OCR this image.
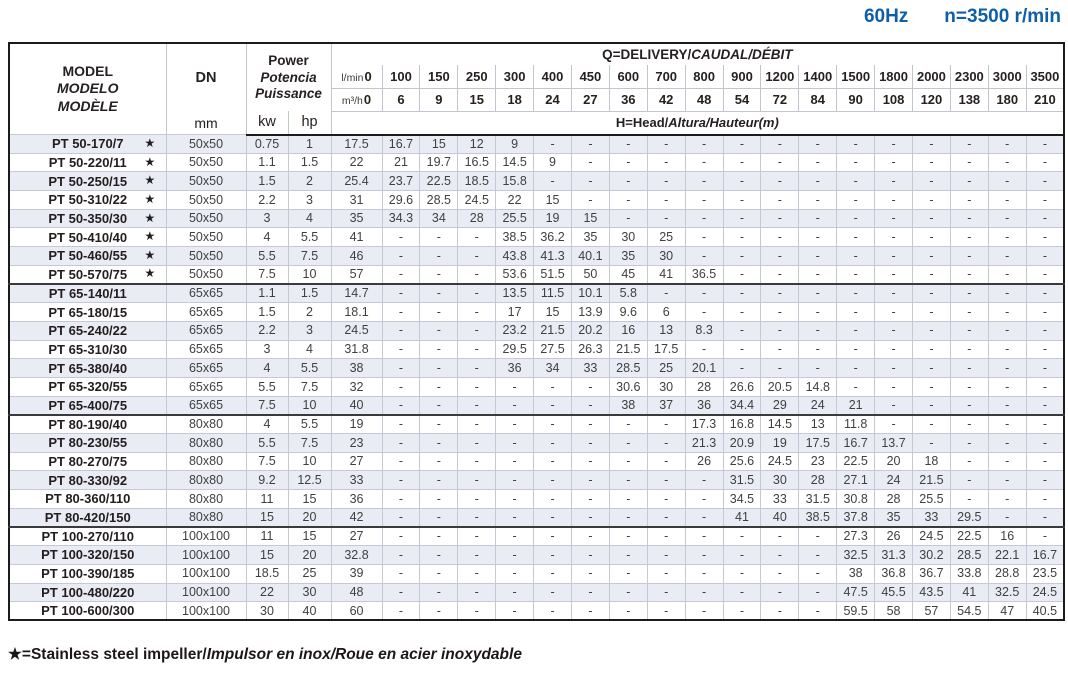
60Hz n=3500 r/min
MODEL
MODELO
MODÈLE

DN
mm

Power
Potencia
Puissance
	Q=DELIVERY/CAUDAL/DÉBIT
				l/min0	100	150	250	300	400	450	600	700	800	900	1200	1400	1500	1800	2000	2300	3000	3500
				m³/h0	6	9	15	18	24	27	36	42	48	54	72	84	90	108	120	138	180	210
		kw	hp	H=Head/Altura/Hauteur(m)																		
PT 50-170/7 ★	50x50	0.75	1	17.5	16.7	15	12	9	-	-	-	-	-	-	-	-	-	-	-	-	-	-
PT 50-220/11 ★	50x50	1.1	1.5	22	21	19.7	16.5	14.5	9	-	-	-	-	-	-	-	-	-	-	-	-	-
PT 50-250/15 ★	50x50	1.5	2	25.4	23.7	22.5	18.5	15.8	-	-	-	-	-	-	-	-	-	-	-	-	-	-
PT 50-310/22 ★	50x50	2.2	3	31	29.6	28.5	24.5	22	15	-	-	-	-	-	-	-	-	-	-	-	-	-
PT 50-350/30 ★	50x50	3	4	35	34.3	34	28	25.5	19	15	-	-	-	-	-	-	-	-	-	-	-	-
PT 50-410/40 ★	50x50	4	5.5	41	-	-	-	38.5	36.2	35	30	25	-	-	-	-	-	-	-	-	-	-
PT 50-460/55 ★	50x50	5.5	7.5	46	-	-	-	43.8	41.3	40.1	35	30	-	-	-	-	-	-	-	-	-	-
PT 50-570/75 ★	50x50	7.5	10	57	-	-	-	53.6	51.5	50	45	41	36.5	-	-	-	-	-	-	-	-	-
PT 65-140/11	65x65	1.1	1.5	14.7	-	-	-	13.5	11.5	10.1	5.8	-	-	-	-	-	-	-	-	-	-	-
PT 65-180/15	65x65	1.5	2	18.1	-	-	-	17	15	13.9	9.6	6	-	-	-	-	-	-	-	-	-	-
PT 65-240/22	65x65	2.2	3	24.5	-	-	-	23.2	21.5	20.2	16	13	8.3	-	-	-	-	-	-	-	-	-
PT 65-310/30	65x65	3	4	31.8	-	-	-	29.5	27.5	26.3	21.5	17.5	-	-	-	-	-	-	-	-	-	-
PT 65-380/40	65x65	4	5.5	38	-	-	-	36	34	33	28.5	25	20.1	-	-	-	-	-	-	-	-	-
PT 65-320/55	65x65	5.5	7.5	32	-	-	-	-	-	-	30.6	30	28	26.6	20.5	14.8	-	-	-	-	-	-
PT 65-400/75	65x65	7.5	10	40	-	-	-	-	-	-	38	37	36	34.4	29	24	21	-	-	-	-	-
PT 80-190/40	80x80	4	5.5	19	-	-	-	-	-	-	-	-	17.3	16.8	14.5	13	11.8	-	-	-	-	-
PT 80-230/55	80x80	5.5	7.5	23	-	-	-	-	-	-	-	-	21.3	20.9	19	17.5	16.7	13.7	-	-	-	-
PT 80-270/75	80x80	7.5	10	27	-	-	-	-	-	-	-	-	26	25.6	24.5	23	22.5	20	18	-	-	-
PT 80-330/92	80x80	9.2	12.5	33	-	-	-	-	-	-	-	-	-	31.5	30	28	27.1	24	21.5	-	-	-
PT 80-360/110	80x80	11	15	36	-	-	-	-	-	-	-	-	-	34.5	33	31.5	30.8	28	25.5	-	-	-
PT 80-420/150	80x80	15	20	42	-	-	-	-	-	-	-	-	-	41	40	38.5	37.8	35	33	29.5	-	-
PT 100-270/110	100x100	11	15	27	-	-	-	-	-	-	-	-	-	-	-	-	27.3	26	24.5	22.5	16	-
PT 100-320/150	100x100	15	20	32.8	-	-	-	-	-	-	-	-	-	-	-	-	32.5	31.3	30.2	28.5	22.1	16.7
PT 100-390/185	100x100	18.5	25	39	-	-	-	-	-	-	-	-	-	-	-	-	38	36.8	36.7	33.8	28.8	23.5
PT 100-480/220	100x100	22	30	48	-	-	-	-	-	-	-	-	-	-	-	-	47.5	45.5	43.5	41	32.5	24.5
PT 100-600/300	100x100	30	40	60	-	-	-	-	-	-	-	-	-	-	-	-	59.5	58	57	54.5	47	40.5
★=Stainless steel impeller/Impulsor en inox/Roue en acier inoxydable
